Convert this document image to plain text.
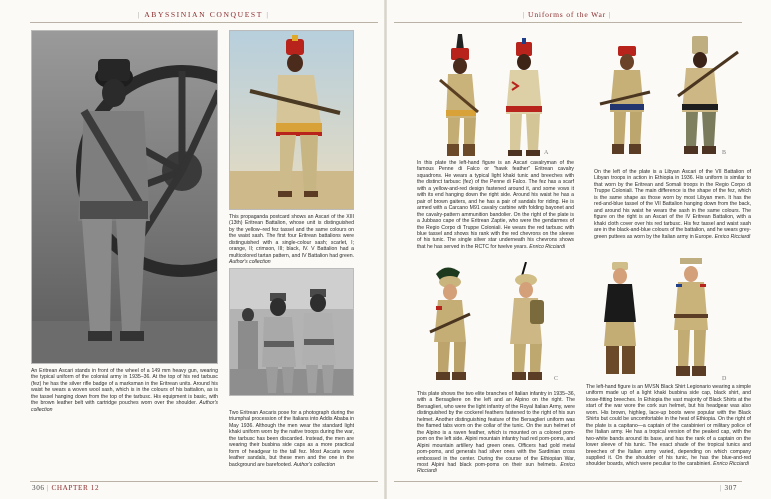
| ABYSSINIAN CONQUEST |
An Eritrean Ascari stands in front of the wheel of a 149 mm heavy gun, wearing the typical uniform of the colonial army in 1935–36. At the top of his red tarbusc (fez) he has the silver rifle badge of a marksman in the Eritrean units. Around his waist he wears a woven wool sash, which is in the colours of his battalion, as is the tassel hanging down from the top of the tarbusc. His equipment is basic, with the brown leather belt with cartridge pouches worn over the shoulder. Author's collection
This propaganda postcard shows an Ascari of the XIII (13th) Eritrean Battalion, whose unit is distinguished by the yellow–red fez tassel and the same colours on the waist sash. The first four Eritrean battalions were distinguished with a single-colour sash; scarlet, I; orange, II; crimson, III; black, IV. V Battalion had a multicolored tartan pattern, and IV Battalion had green. Author's collection
Two Eritrean Ascaris pose for a photograph during the triumphal procession of the Italians into Addis Ababa in May 1936. Although the men wear the standard light khaki uniform worn by the native troops during the war, the tarbusc has been discarded. Instead, the men are wearing their busbina side caps as a more practical form of headgear to the tall fez. Most Ascaris wore leather sandals, but these men and the one in the background are barefooted. Author's collection
306 | CHAPTER 12
| Uniforms of the War |
A	B
In this plate the left-hand figure is an Ascari cavalryman of the famous Penne di Falco or "hawk feather" Eritrean cavalry squadrons. He wears a typical light khaki tunic and breeches with the distinct tarbusc (fez) of the Penne di Falco. The fez has a scarf with a yellow-and-red design fastened around it, and some vows it with its end hanging down the right side. Around his waist he has a pair of brown gaiters, and he has a pair of sandals for riding. He is armed with a Carcano M91 cavalry carbine with folding bayonet and the cavalry-pattern ammunition bandolier. On the right of the plate is a Jubbaso cape of the Eritrean Zaptie, who were the gendarmes of the Regio Corpo di Truppe Coloniali. He wears the red tarbusc with blue tassel and shows his rank with the red chevrons on the sleeve of his tunic. The single silver star underneath his chevrons shows that he has served in the RCTC for twelve years. Enrico Ricciardi
On the left of the plate is a Libyan Ascari of the VII Battalion of Libyan troops in action in Ethiopia in 1936. His uniform is similar to that worn by the Eritrean and Somali troops in the Regio Corpo di Truppe Coloniali. The main difference is the shape of the fez, which is the same shape as those worn by most Libyan men. It has the red-and-blue tassel of the VII Battalion hanging down from the back, and around his waist he wears the sash in the same colours. The figure on the right is an Ascari of the IV Eritrean Battalion, with a khaki cloth cover over his red tarbusc. His fez tassel and waist sash are in the black-and-blue colours of the battalion, and he wears grey-green puttees as worn by the Italian army in Europe. Enrico Ricciardi
C	D
This plate shows the two elite branches of Italian infantry in 1935–36, with a Bersagliere on the left and an Alpino on the right. The Bersaglieri, who were the light infantry of the Royal Italian Army, were distinguished by the cockerel feathers fastened to the right of his sun helmet. Another distinguishing feature of the Bersaglieri uniform was the flamed tabs worn on the collar of the tunic. On the sun helmet of the Alpino is a raven feather, which is mounted on a colored pom-pom on the left side. Alpini mountain infantry had red pom-poms, and Alpini mountain artillery had green ones. Officers had gold metal pom-poms, and generals had silver ones with the Sardinian cross embossed in the center. During the course of the Ethiopian War, most Alpini had black pom-poms on their sun helmets. Enrico Ricciardi
The left-hand figure is an MVSN Black Shirt Legionario wearing a simple uniform made up of a light khaki busbina side cap, black shirt, and loose-fitting breeches. In Ethiopia the vast majority of Black Shirts at the start of the war wore the cork sun helmet, but his headgear was also worn. His brown, highleg, lace-up boots were popular with the Black Shirts but could be uncomfortable in the heat of Ethiopia. On the right of the plate is a capitano—a captain of the carabinieri or military police of the Italian army. He has a tropical version of the peaked cap, with the two-white bands around its base, and has the rank of a captain on the lower sleeve of his tunic. The exact shade of the tropical tunics and breeches of the Italian army varied, depending on which company supplied it. On the shoulder of his tunic, he has the blue-and-red shoulder boards, which were peculiar to the carabinieri. Enrico Ricciardi
| 307
